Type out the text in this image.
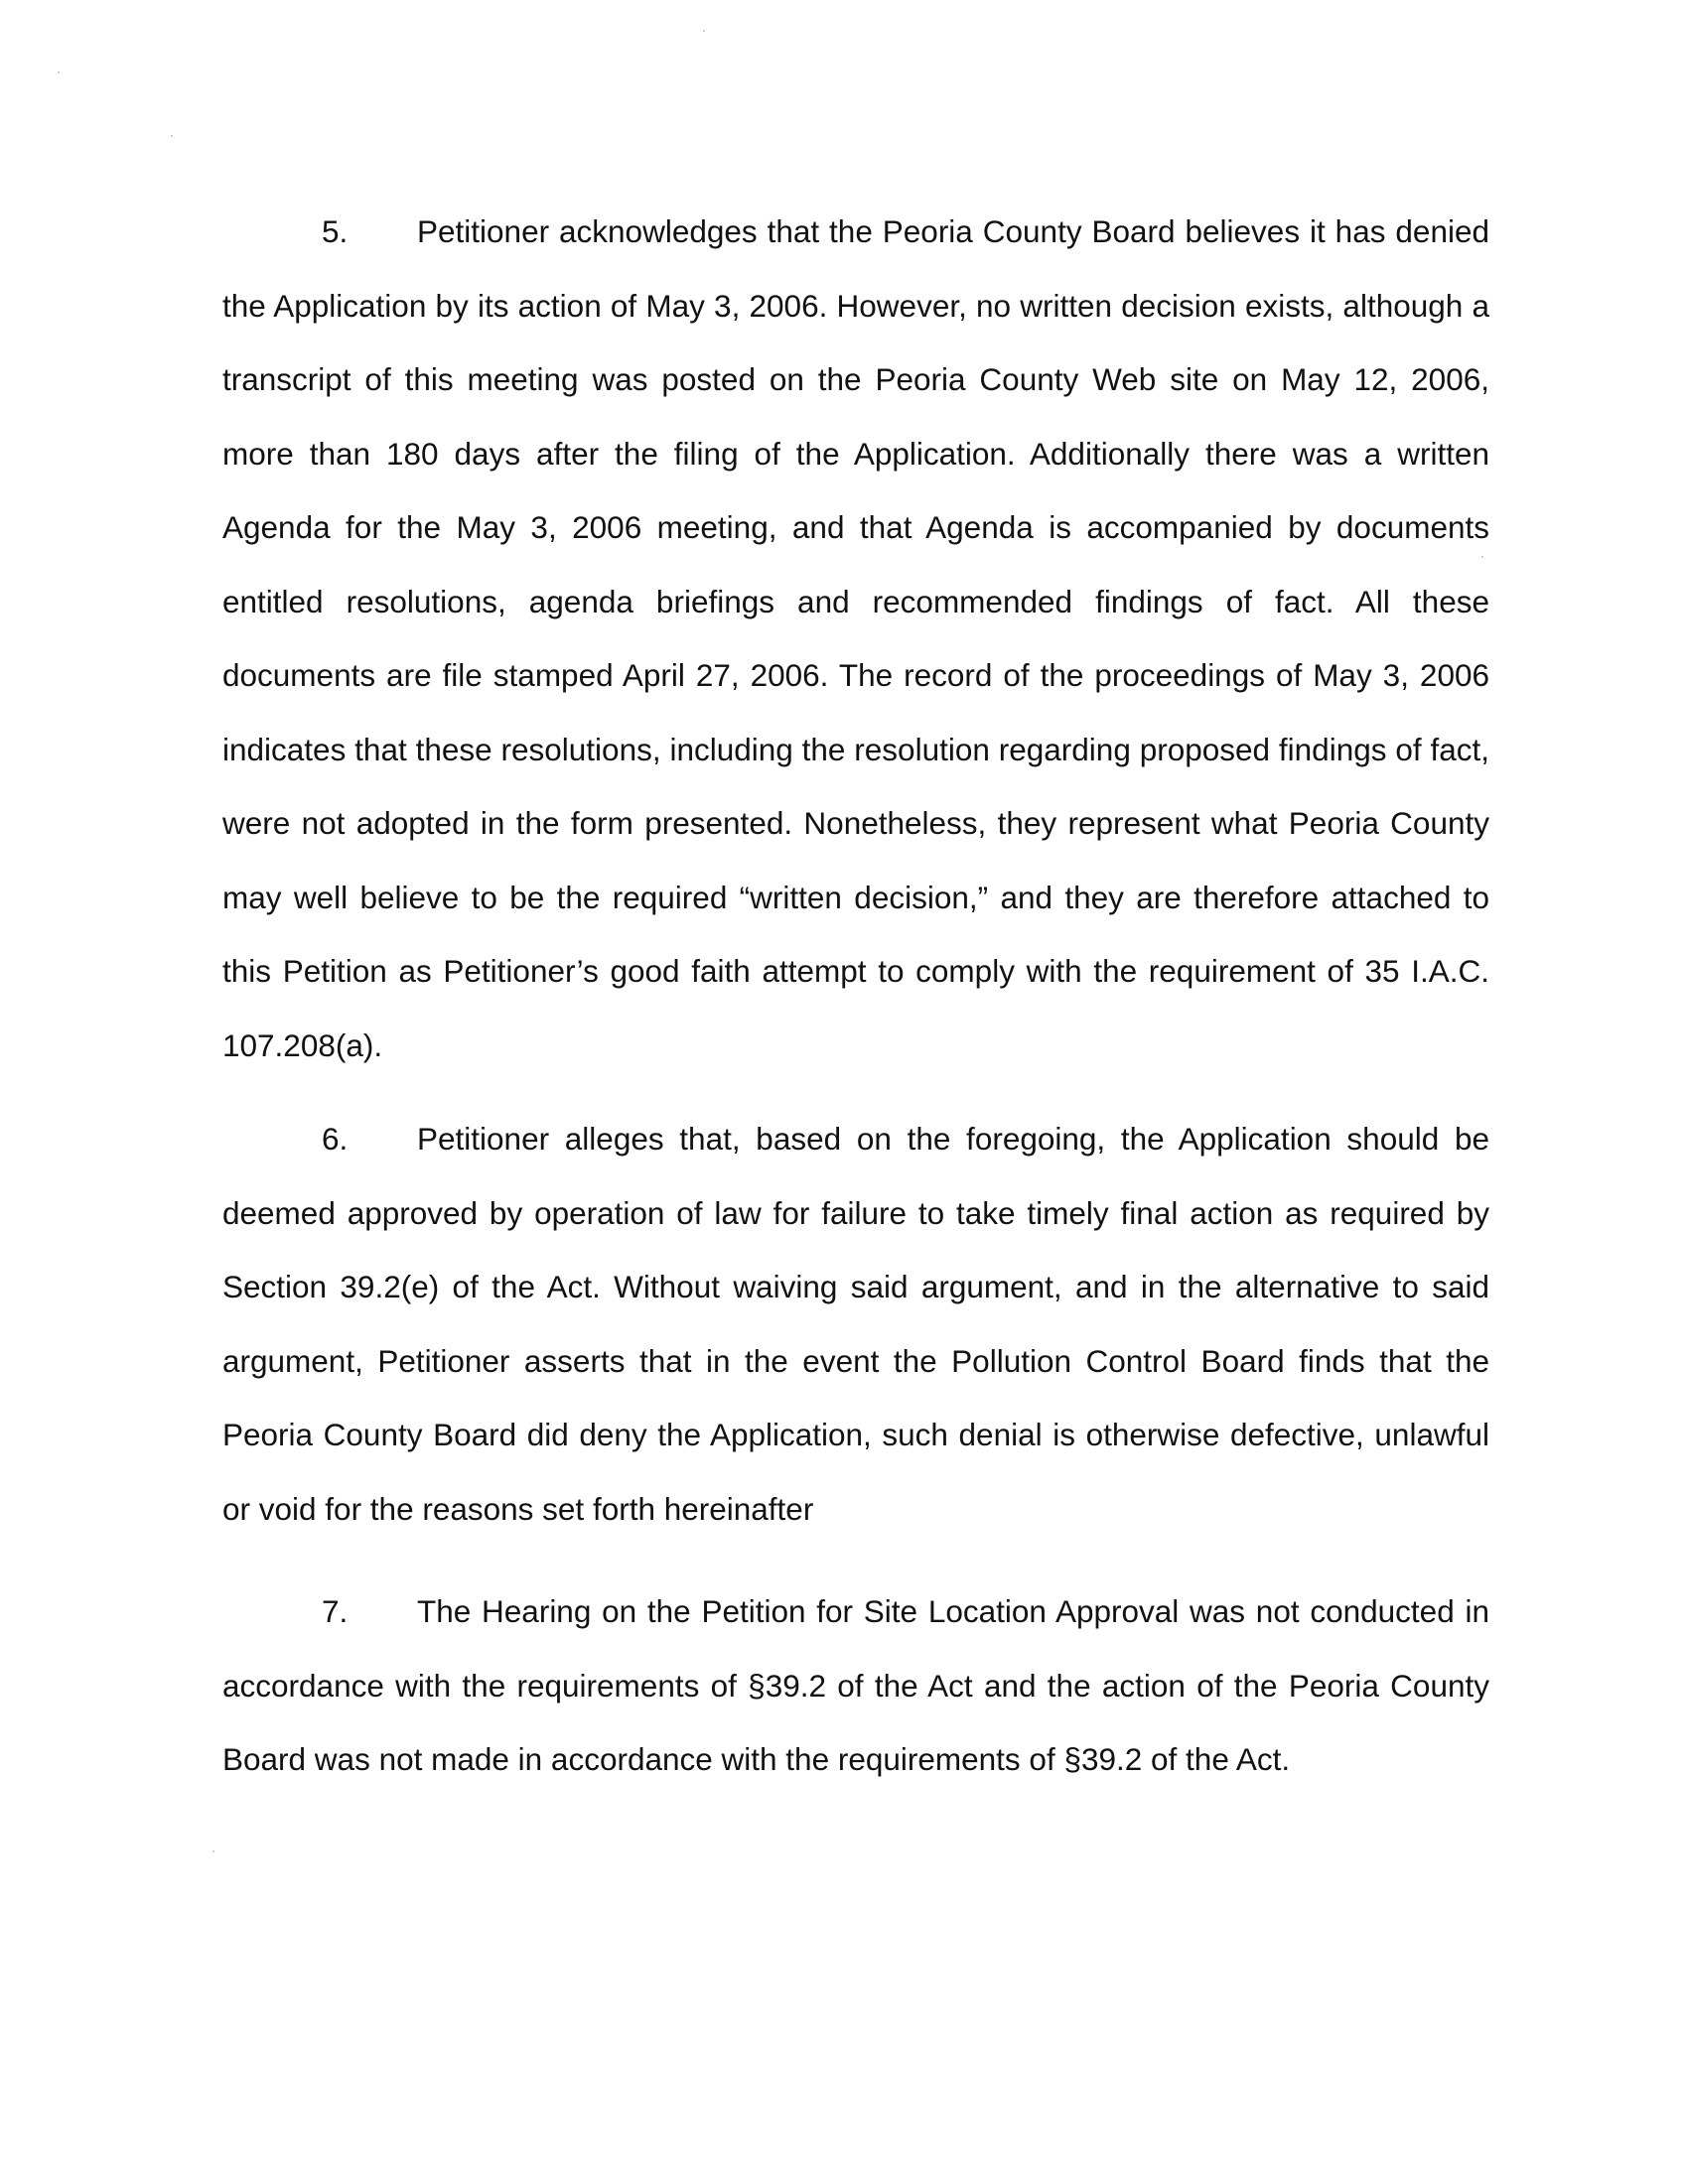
5. Petitioner acknowledges that the Peoria County Board believes it has denied the Application by its action of May 3, 2006. However, no written decision exists, although a transcript of this meeting was posted on the Peoria County Web site on May 12, 2006, more than 180 days after the filing of the Application. Additionally there was a written Agenda for the May 3, 2006 meeting, and that Agenda is accompanied by documents entitled resolutions, agenda briefings and recommended findings of fact. All these documents are file stamped April 27, 2006. The record of the proceedings of May 3, 2006 indicates that these resolutions, including the resolution regarding proposed findings of fact, were not adopted in the form presented. Nonetheless, they represent what Peoria County may well believe to be the required “written decision,” and they are therefore attached to this Petition as Petitioner’s good faith attempt to comply with the requirement of 35 I.A.C. 107.208(a).

6. Petitioner alleges that, based on the foregoing, the Application should be deemed approved by operation of law for failure to take timely final action as required by Section 39.2(e) of the Act. Without waiving said argument, and in the alternative to said argument, Petitioner asserts that in the event the Pollution Control Board finds that the Peoria County Board did deny the Application, such denial is otherwise defective, unlawful or void for the reasons set forth hereinafter

7. The Hearing on the Petition for Site Location Approval was not conducted in accordance with the requirements of §39.2 of the Act and the action of the Peoria County Board was not made in accordance with the requirements of §39.2 of the Act.
